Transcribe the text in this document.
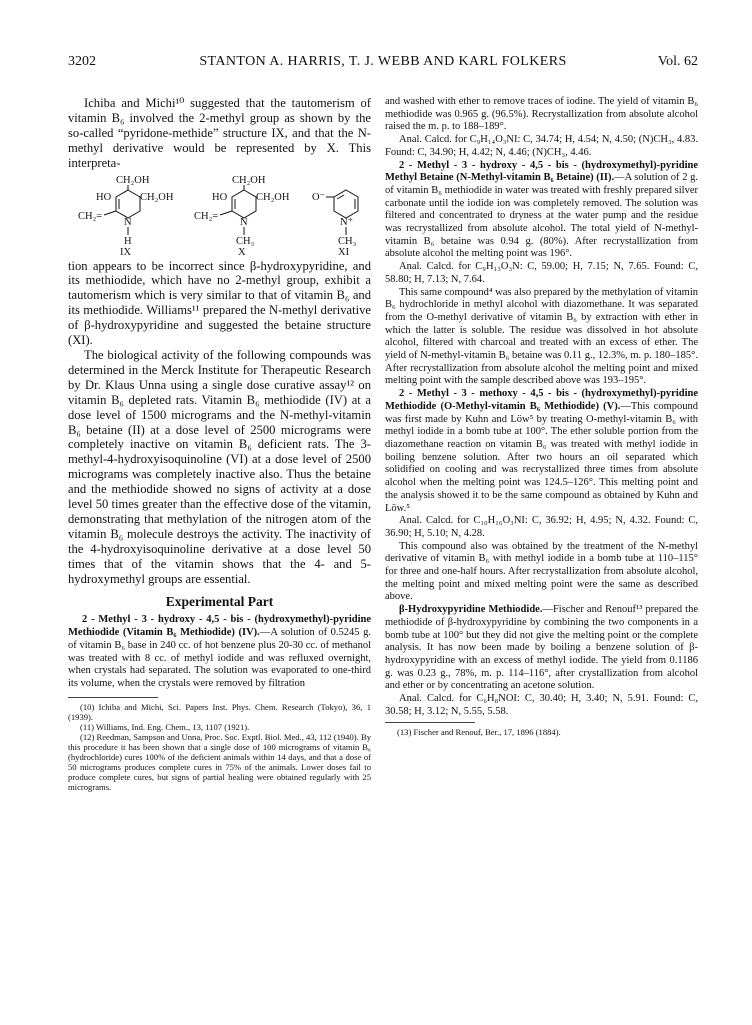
3202	STANTON A. HARRIS, T. J. WEBB AND KARL FOLKERS	Vol. 62

Ichiba and Michi¹⁰ suggested that the tautomerism of vitamin B₆ involved the 2-methyl group as shown by the so-called “pyridone-methide” structure IX, and that the N-methyl derivative would be represented by X. This interpreta-

CH₂OH
HO	CH₂OH
CH₂=
N
H
IX
CH₂OH
HO	CH₂OH
CH₂=
N
CH₃
X
O⁻
N⁺
CH₃
XI

tion appears to be incorrect since β-hydroxypyridine, and its methiodide, which have no 2-methyl group, exhibit a tautomerism which is very similar to that of vitamin B₆ and its methiodide. Williams¹¹ prepared the N-methyl derivative of β-hydroxypyridine and suggested the betaine structure (XI).

The biological activity of the following compounds was determined in the Merck Institute for Therapeutic Research by Dr. Klaus Unna using a single dose curative assay¹² on vitamin B₆ depleted rats. Vitamin B₆ methiodide (IV) at a dose level of 1500 micrograms and the N-methyl-vitamin B₆ betaine (II) at a dose level of 2500 micrograms were completely inactive on vitamin B₆ deficient rats. The 3-methyl-4-hydroxyisoquinoline (VI) at a dose level of 2500 micrograms was completely inactive also. Thus the betaine and the methiodide showed no signs of activity at a dose level 50 times greater than the effective dose of the vitamin, demonstrating that methylation of the nitrogen atom of the vitamin B₆ molecule destroys the activity. The inactivity of the 4-hydroxyisoquinoline derivative at a dose level 50 times that of the vitamin shows that the 4- and 5-hydroxymethyl groups are essential.

Experimental Part

2 - Methyl - 3 - hydroxy - 4,5 - bis - (hydroxymethyl)-pyridine Methiodide (Vitamin B₆ Methiodide) (IV).—A solution of 0.5245 g. of vitamin B₆ base in 240 cc. of hot benzene plus 20-30 cc. of methanol was treated with 8 cc. of methyl iodide and was refluxed overnight, when crystals had separated. The solution was evaporated to one-third its volume, when the crystals were removed by filtration

(10) Ichiba and Michi, Sci. Papers Inst. Phys. Chem. Research (Tokyo), 36, 1 (1939).

(11) Williams, Ind. Eng. Chem., 13, 1107 (1921).

(12) Reedman, Sampson and Unna, Proc. Soc. Exptl. Biol. Med., 43, 112 (1940). By this procedure it has been shown that a single dose of 100 micrograms of vitamin B₆ (hydrochloride) cures 100% of the deficient animals within 14 days, and that a dose of 50 micrograms produces complete cures in 75% of the animals. Lower doses fail to produce complete cures, but signs of partial healing were obtained regularly with 25 micrograms.

and washed with ether to remove traces of iodine. The yield of vitamin B₆ methiodide was 0.965 g. (96.5%). Recrystallization from absolute alcohol raised the m. p. to 188–189°.

Anal. Calcd. for C₉H₁₄O₃NI: C, 34.74; H, 4.54; N, 4.50; (N)CH₃, 4.83. Found: C, 34.90; H, 4.42; N, 4.46; (N)CH₃, 4.46.

2 - Methyl - 3 - hydroxy - 4,5 - bis - (hydroxymethyl)-pyridine Methyl Betaine (N-Methyl-vitamin B₆ Betaine) (II).—A solution of 2 g. of vitamin B₆ methiodide in water was treated with freshly prepared silver carbonate until the iodide ion was completely removed. The solution was filtered and concentrated to dryness at the water pump and the residue was recrystallized from absolute alcohol. The total yield of N-methyl-vitamin B₆ betaine was 0.94 g. (80%). After recrystallization from absolute alcohol the melting point was 196°.

Anal. Calcd. for C₉H₁₃O₃N: C, 59.00; H, 7.15; N, 7.65. Found: C, 58.80; H, 7.13; N, 7.64.

This same compound⁴ was also prepared by the methylation of vitamin B₆ hydrochloride in methyl alcohol with diazomethane. It was separated from the O-methyl derivative of vitamin B₆ by extraction with ether in which the latter is soluble. The residue was dissolved in hot absolute alcohol, filtered with charcoal and treated with an excess of ether. The yield of N-methyl-vitamin B₆ betaine was 0.11 g., 12.3%, m. p. 180–185°. After recrystallization from absolute alcohol the melting point and mixed melting point with the sample described above was 193–195°.

2 - Methyl - 3 - methoxy - 4,5 - bis - (hydroxymethyl)-pyridine Methiodide (O-Methyl-vitamin B₆ Methiodide) (V).—This compound was first made by Kuhn and Löw⁵ by treating O-methyl-vitamin B₆ with methyl iodide in a bomb tube at 100°. The ether soluble portion from the diazomethane reaction on vitamin B₆ was treated with methyl iodide in boiling benzene solution. After two hours an oil separated which solidified on cooling and was recrystallized three times from absolute alcohol when the melting point was 124.5–126°. This melting point and the analysis showed it to be the same compound as obtained by Kuhn and Löw.⁵

Anal. Calcd. for C₁₀H₁₆O₃NI: C, 36.92; H, 4.95; N, 4.32. Found: C, 36.90; H, 5.10; N, 4.28.

This compound also was obtained by the treatment of the N-methyl derivative of vitamin B₆ with methyl iodide in a bomb tube at 110–115° for three and one-half hours. After recrystallization from absolute alcohol, the melting point and mixed melting point were the same as described above.

β-Hydroxypyridine Methiodide.—Fischer and Renouf¹³ prepared the methiodide of β-hydroxypyridine by combining the two components in a bomb tube at 100° but they did not give the melting point or the complete analysis. It has now been made by boiling a benzene solution of β-hydroxypyridine with an excess of methyl iodide. The yield from 0.1186 g. was 0.23 g., 78%, m. p. 114–116°, after crystallization from alcohol and ether or by concentrating an acetone solution.

Anal. Calcd. for C₆H₈NOI: C, 30.40; H, 3.40; N, 5.91. Found: C, 30.58; H, 3.12; N, 5.55, 5.58.

(13) Fischer and Renouf, Ber., 17, 1896 (1884).
